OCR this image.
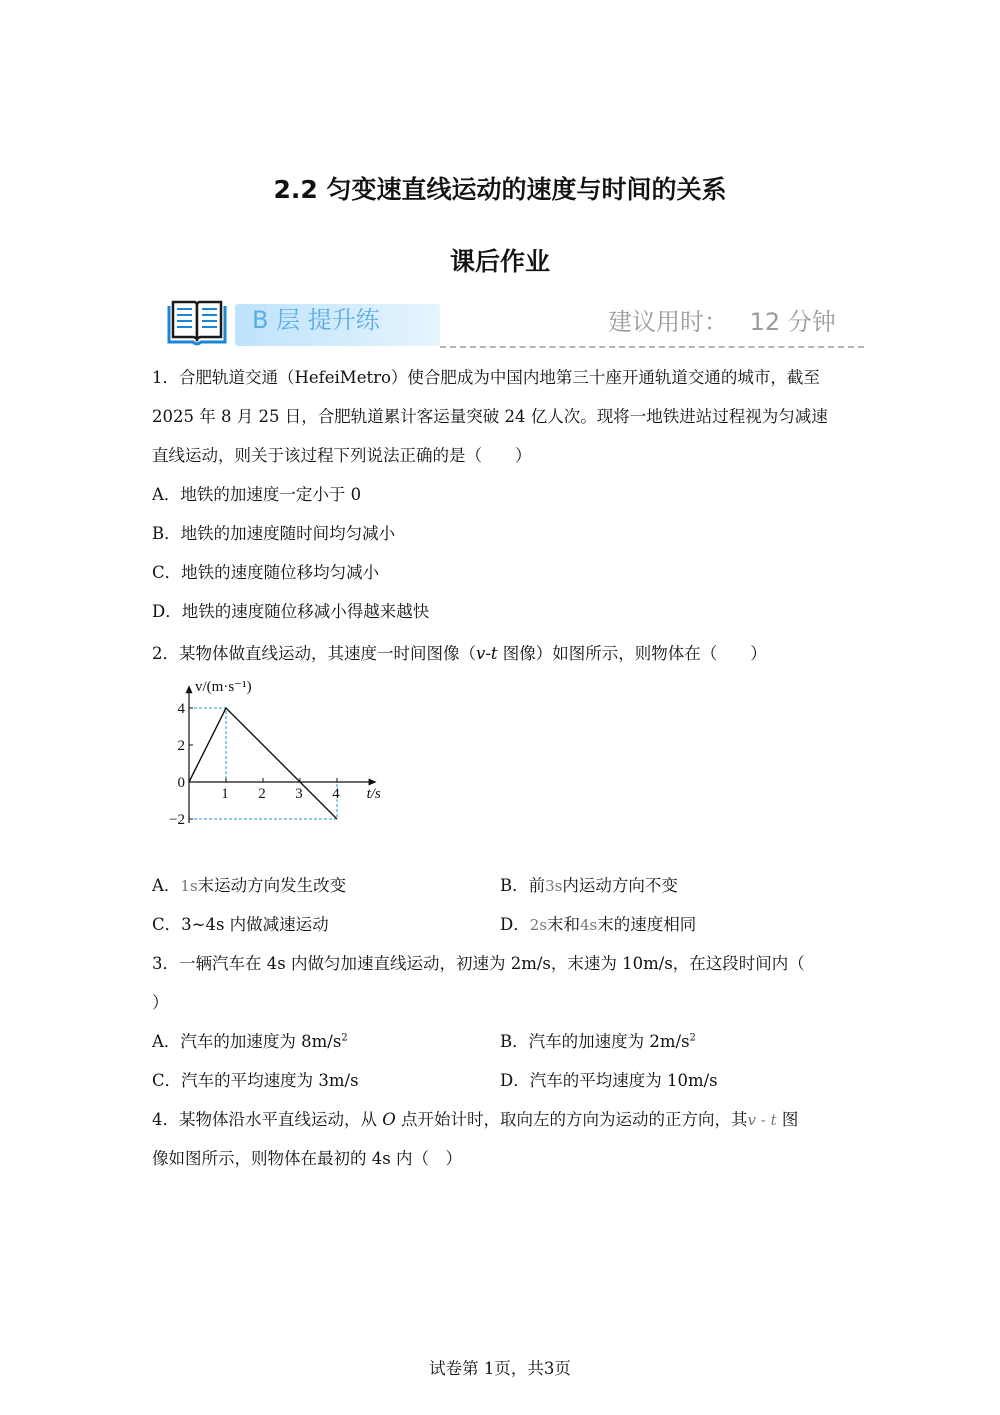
2.2 匀变速直线运动的速度与时间的关系
课后作业
B 层 提升练	建议用时： 12 分钟
1．合肥轨道交通（HefeiMetro）使合肥成为中国内地第三十座开通轨道交通的城市，截至
2025 年 8 月 25 日，合肥轨道累计客运量突破 24 亿人次。现将一地铁进站过程视为匀减速
直线运动，则关于该过程下列说法正确的是（　　）
A．地铁的加速度一定小于 0
B．地铁的加速度随时间均匀减小
C．地铁的速度随位移均匀减小
D．地铁的速度随位移减小得越来越快
2．某物体做直线运动，其速度一时间图像（v-t 图像）如图所示，则物体在（　　）
1 2 3 4
4
2
0
−2
v/(m·s⁻¹)
t/s
A．1s末运动方向发生改变	B．前3s内运动方向不变
C．3~4s 内做减速运动	D．2s末和4s末的速度相同
3．一辆汽车在 4s 内做匀加速直线运动，初速为 2m/s，末速为 10m/s，在这段时间内（
）
A．汽车的加速度为 $8m/s^2$	B．汽车的加速度为 $2m/s^2$
C．汽车的平均速度为 3m/s	D．汽车的平均速度为 10m/s
4．某物体沿水平直线运动，从 O 点开始计时，取向左的方向为运动的正方向，其v - t 图
像如图所示，则物体在最初的 4s 内（　）
试卷第 1页，共3页
